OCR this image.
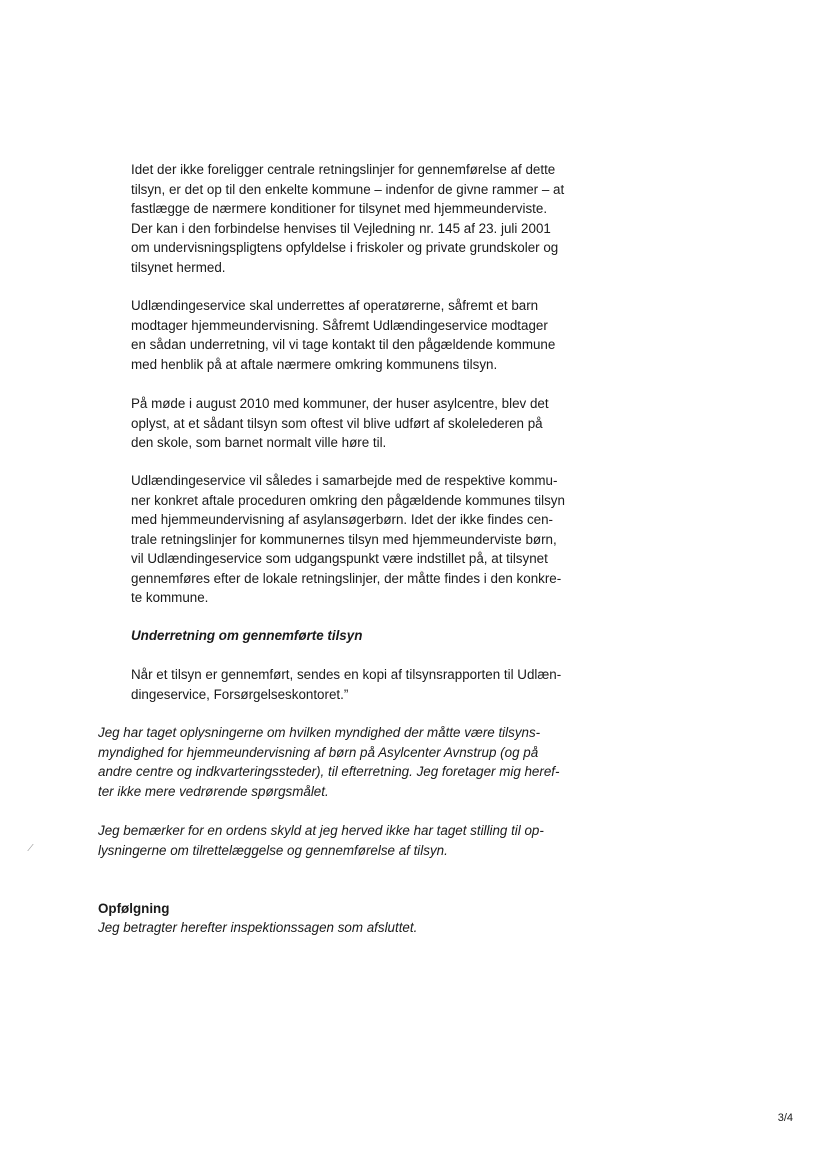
Idet der ikke foreligger centrale retningslinjer for gennemførelse af dette
tilsyn, er det op til den enkelte kommune – indenfor de givne rammer – at
fastlægge de nærmere konditioner for tilsynet med hjemmeunderviste.
Der kan i den forbindelse henvises til Vejledning nr. 145 af 23. juli 2001
om undervisningspligtens opfyldelse i friskoler og private grundskoler og
tilsynet hermed.
Udlændingeservice skal underrettes af operatørerne, såfremt et barn
modtager hjemmeundervisning. Såfremt Udlændingeservice modtager
en sådan underretning, vil vi tage kontakt til den pågældende kommune
med henblik på at aftale nærmere omkring kommunens tilsyn.
På møde i august 2010 med kommuner, der huser asylcentre, blev det
oplyst, at et sådant tilsyn som oftest vil blive udført af skolelederen på
den skole, som barnet normalt ville høre til.
Udlændingeservice vil således i samarbejde med de respektive kommu-
ner konkret aftale proceduren omkring den pågældende kommunes tilsyn
med hjemmeundervisning af asylansøgerbørn. Idet der ikke findes cen-
trale retningslinjer for kommunernes tilsyn med hjemmeunderviste børn,
vil Udlændingeservice som udgangspunkt være indstillet på, at tilsynet
gennemføres efter de lokale retningslinjer, der måtte findes i den konkre-
te kommune.
Underretning om gennemførte tilsyn
Når et tilsyn er gennemført, sendes en kopi af tilsynsrapporten til Udlæn-
dingeservice, Forsørgelseskontoret.”
Jeg har taget oplysningerne om hvilken myndighed der måtte være tilsyns-
myndighed for hjemmeundervisning af børn på Asylcenter Avnstrup (og på
andre centre og indkvarteringssteder), til efterretning. Jeg foretager mig heref-
ter ikke mere vedrørende spørgsmålet.
Jeg bemærker for en ordens skyld at jeg herved ikke har taget stilling til op-
lysningerne om tilrettelæggelse og gennemførelse af tilsyn.
⁄
Opfølgning
Jeg betragter herefter inspektionssagen som afsluttet.
3/4
